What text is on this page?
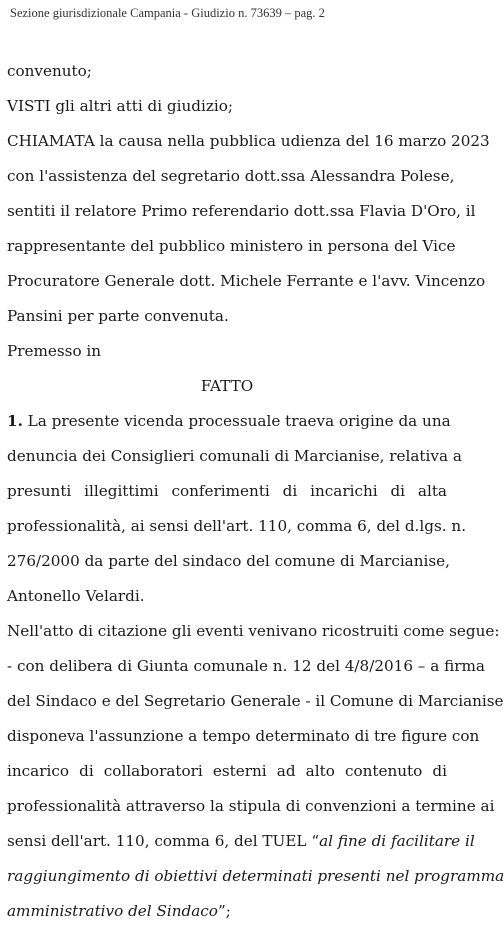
Sezione giurisdizionale Campania - Giudizio n. 73639 – pag. 2
convenuto;
VISTI gli altri atti di giudizio;
CHIAMATA la causa nella pubblica udienza del 16 marzo 2023
con l'assistenza del segretario dott.ssa Alessandra Polese,
sentiti il relatore Primo referendario dott.ssa Flavia D'Oro, il
rappresentante del pubblico ministero in persona del Vice
Procuratore Generale dott. Michele Ferrante e l'avv. Vincenzo
Pansini per parte convenuta.
Premesso in
FATTO
1. La presente vicenda processuale traeva origine da una
denuncia dei Consiglieri comunali di Marcianise, relativa a
presunti illegittimi conferimenti di incarichi di alta
professionalità, ai sensi dell'art. 110, comma 6, del d.lgs. n.
276/2000 da parte del sindaco del comune di Marcianise,
Antonello Velardi.
Nell'atto di citazione gli eventi venivano ricostruiti come segue:
- con delibera di Giunta comunale n. 12 del 4/8/2016 – a firma
del Sindaco e del Segretario Generale - il Comune di Marcianise
disponeva l'assunzione a tempo determinato di tre figure con
incarico di collaboratori esterni ad alto contenuto di
professionalità attraverso la stipula di convenzioni a termine ai
sensi dell'art. 110, comma 6, del TUEL “al fine di facilitare il
raggiungimento di obiettivi determinati presenti nel programma
amministrativo del Sindaco”;
